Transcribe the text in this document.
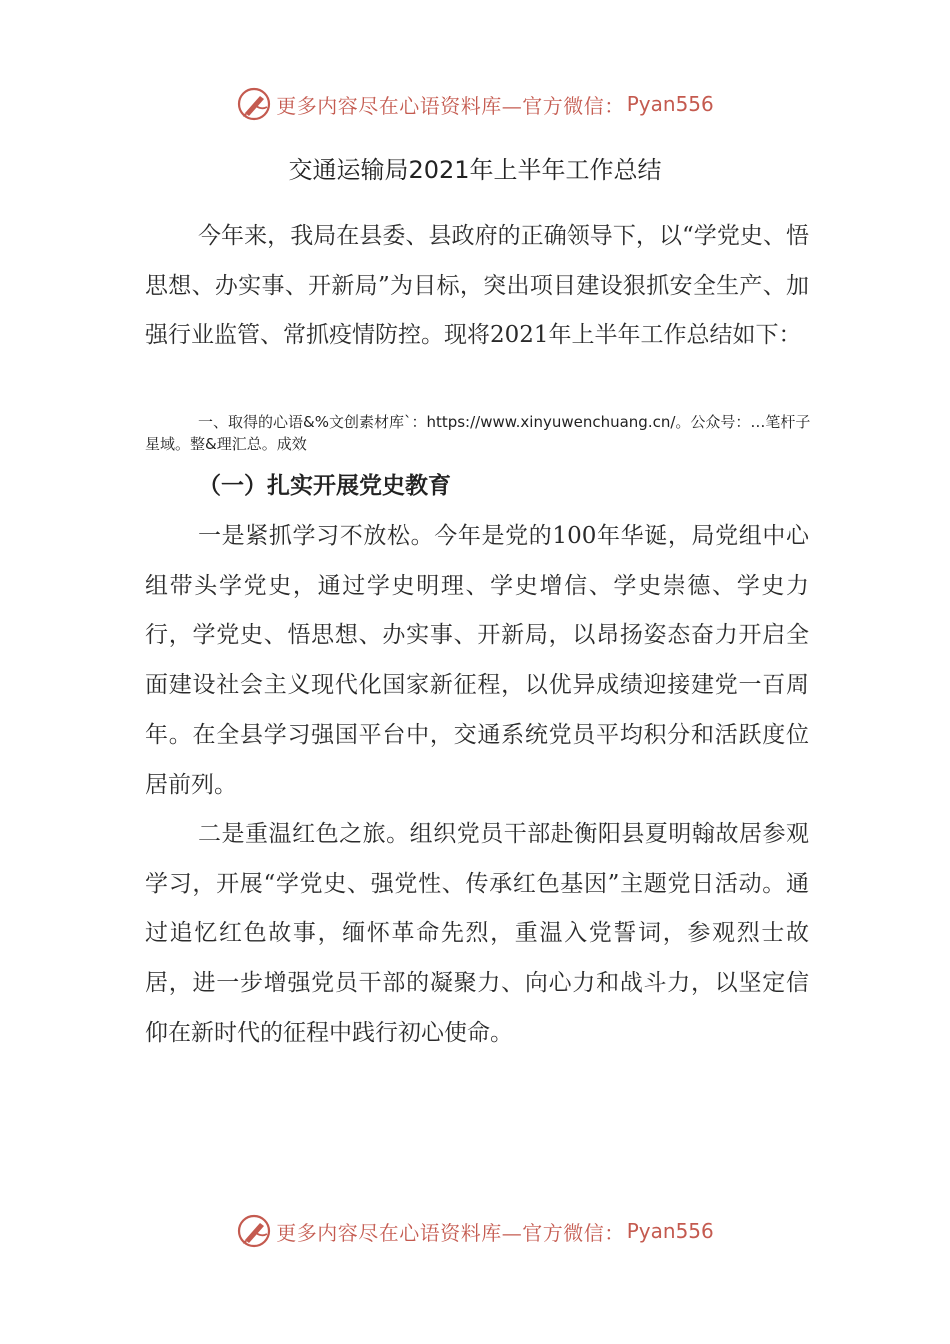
更多内容尽在心语资料库—官方微信： Pyan556
交通运输局2021年上半年工作总结

今年来，我局在县委、县政府的正确领导下，以“学党史、悟思想、办实事、开新局”为目标，突出项目建设狠抓安全生产、加强行业监管、常抓疫情防控。现将2021年上半年工作总结如下：

一、取得的心语&%文创素材库`：https://www.xinyuwenchuang.cn/。公众号：…笔杆子星域。整&理汇总。成效

（一）扎实开展党史教育

一是紧抓学习不放松。今年是党的100年华诞，局党组中心组带头学党史，通过学史明理、学史增信、学史崇德、学史力行，学党史、悟思想、办实事、开新局，以昂扬姿态奋力开启全面建设社会主义现代化国家新征程，以优异成绩迎接建党一百周年。在全县学习强国平台中，交通系统党员平均积分和活跃度位居前列。

二是重温红色之旅。组织党员干部赴衡阳县夏明翰故居参观学习，开展“学党史、强党性、传承红色基因”主题党日活动。通过追忆红色故事，缅怀革命先烈，重温入党誓词，参观烈士故居，进一步增强党员干部的凝聚力、向心力和战斗力，以坚定信仰在新时代的征程中践行初心使命。

更多内容尽在心语资料库—官方微信： Pyan556
